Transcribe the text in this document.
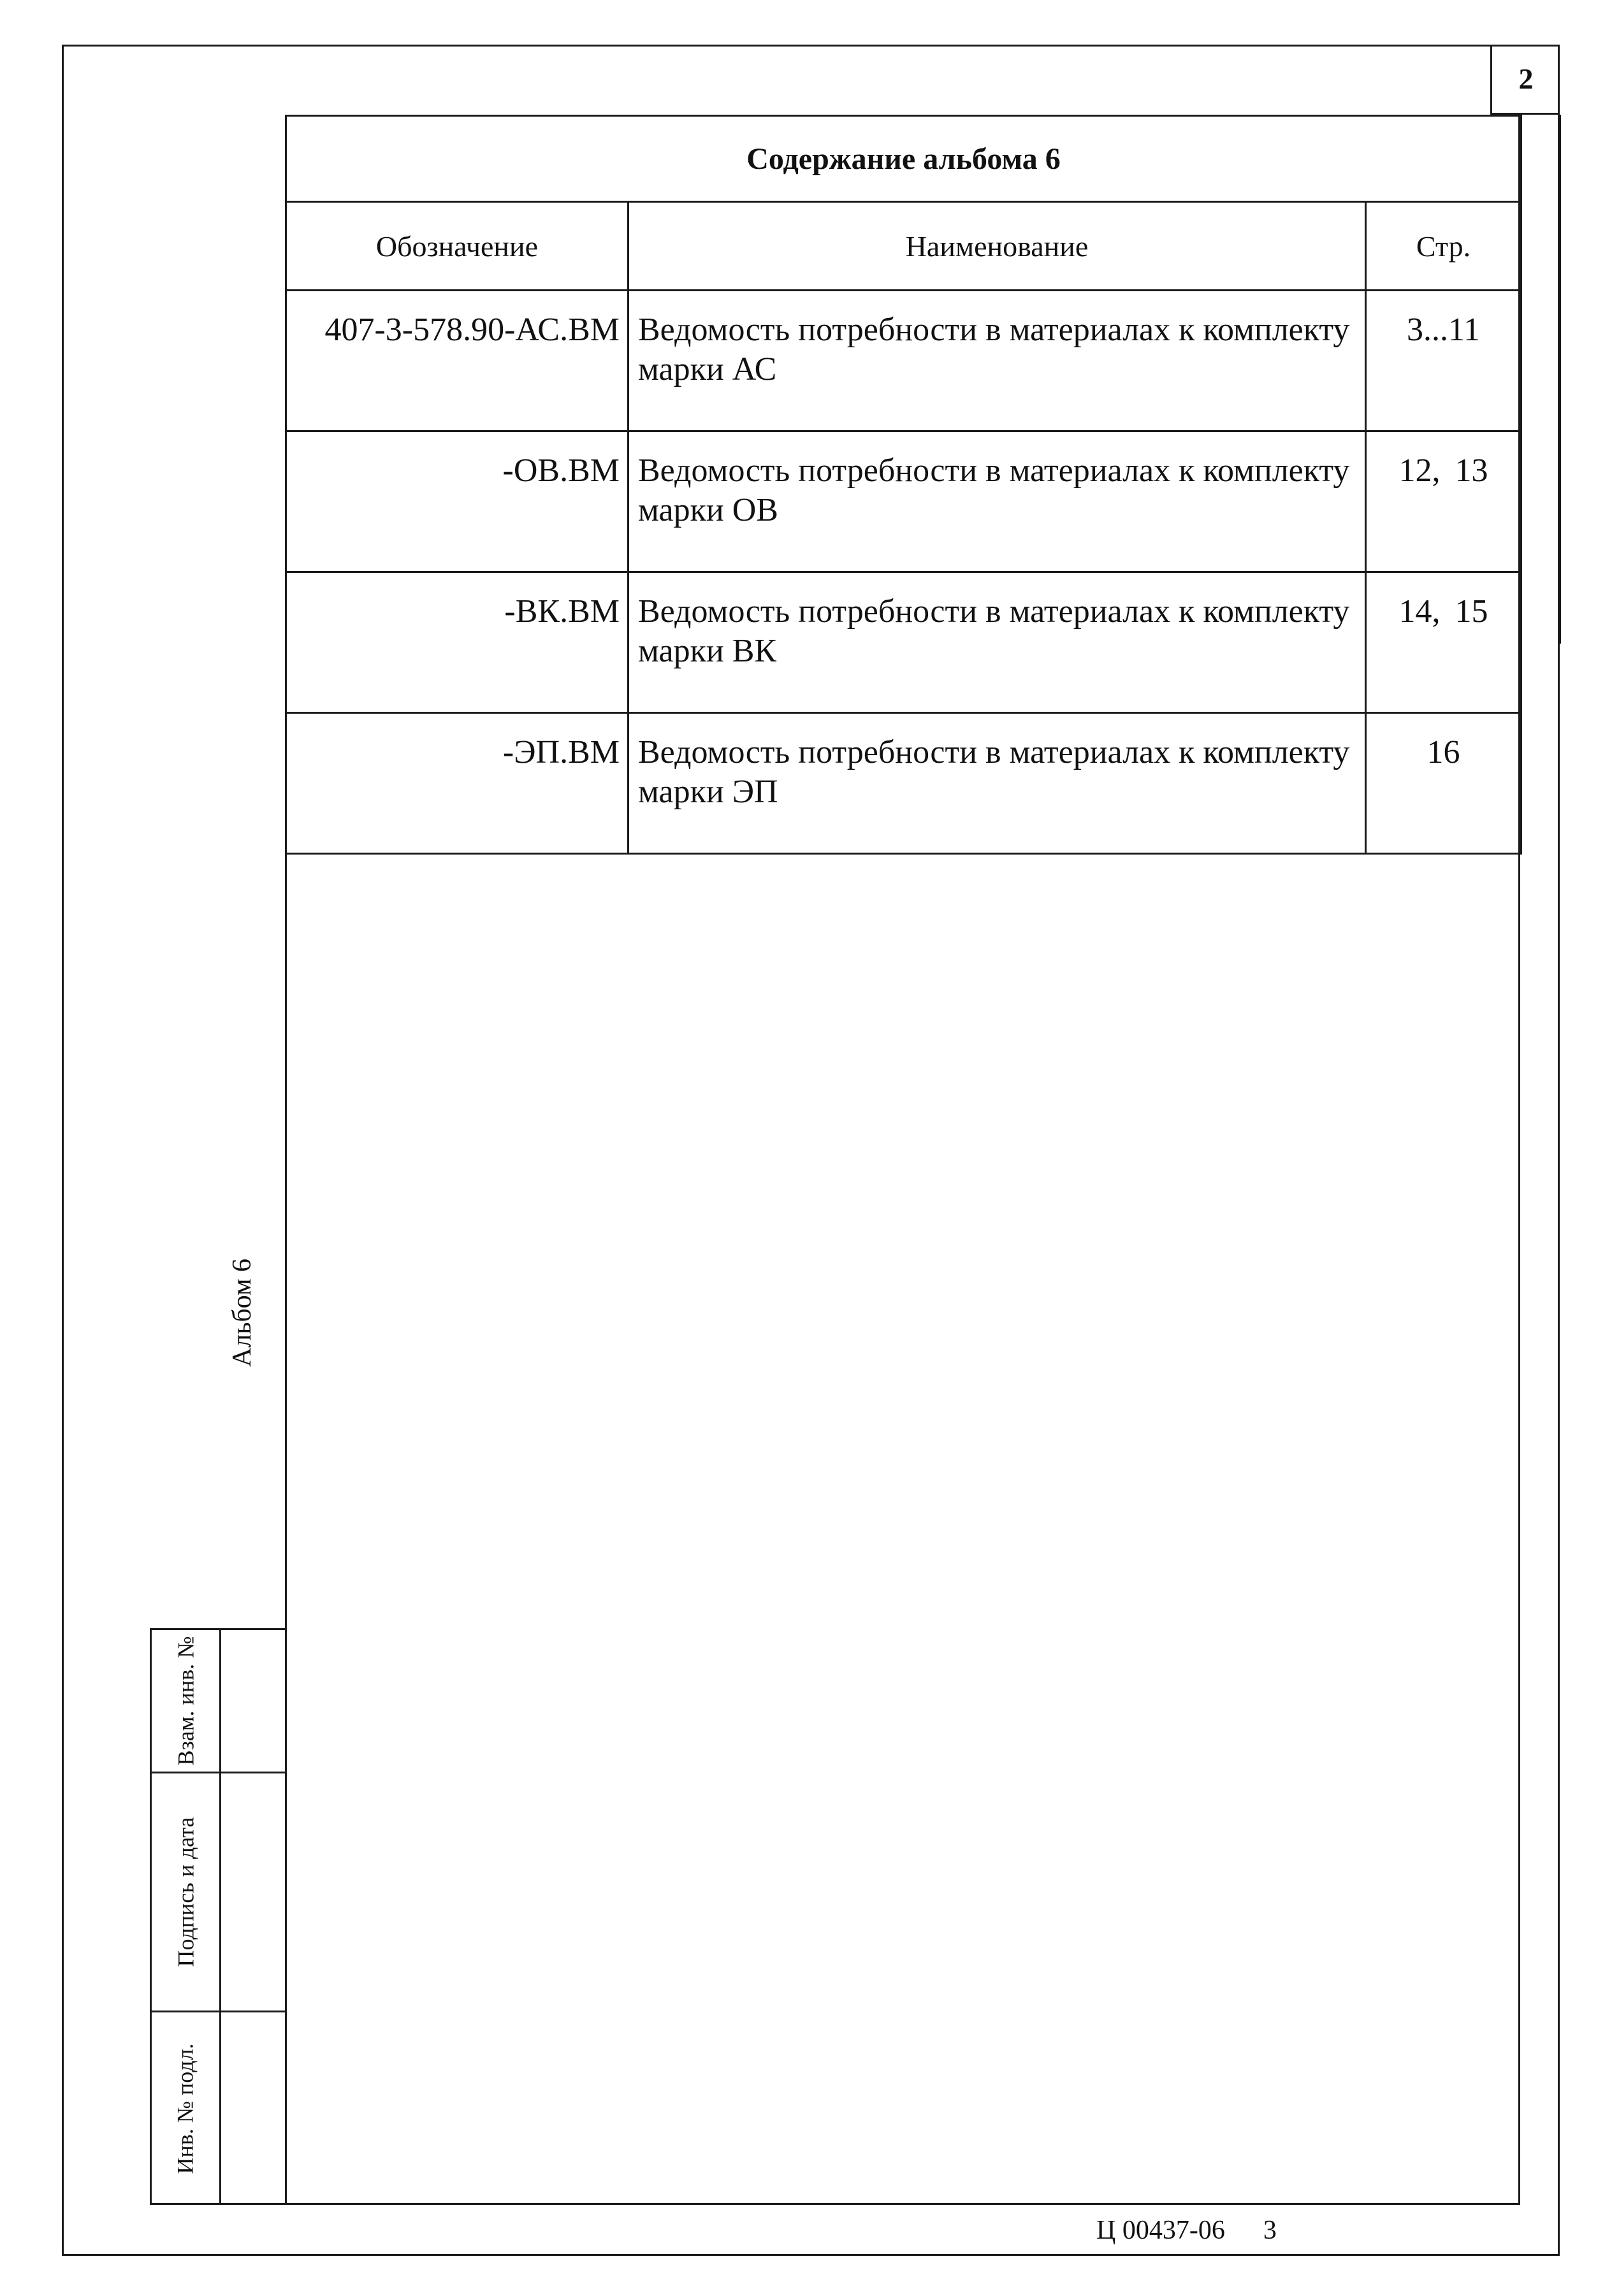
2
Содержание альбома 6		
Обозначение	Наименование	Стр.
407-3-578.90-АС.ВМ	Ведомость потребности в материалах к комплекту марки АС	3...11
-ОВ.ВМ	Ведомость потребности в материалах к комплекту марки ОВ	12, 13
-ВК.ВМ	Ведомость потребности в материалах к комплекту марки ВК	14, 15
-ЭП.ВМ	Ведомость потребности в материалах к комплекту марки ЭП	16
Альбом 6
Взам. инв. №
Подпись и дата
Инв. № подл.
Ц 00437-06 3
